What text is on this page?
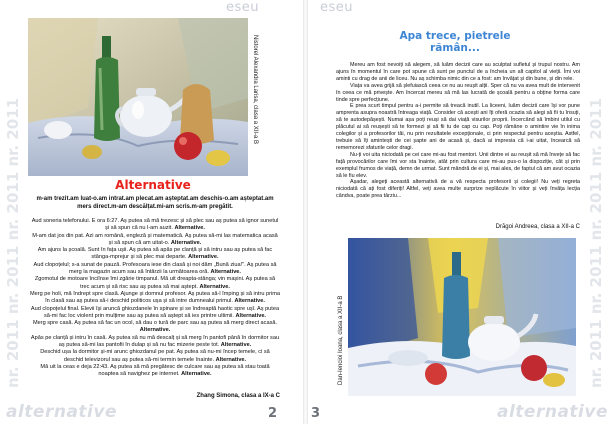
eseu	eseu
nr. 2011 nr. 2011 nr. 2011 nr. 2011	nr. 2011 nr. 2011 nr. 2011 nr. 2011
Nistorel Alexandra Larisa, clasa a XII-a B
Alternative

m-am trezit.am luat-o.am intrat.am plecat.am așteptat.am deschis-o.am așteptat.am mers direct.m-am descălțat.mi-am scris.m-am pregătit.

Aud soneria telefonului. E ora 6:27. Aș putea să mă trezesc și să plec sau aș putea să ignor sunetul și să spun că nu l-am auzit. Alternative.

M-am dat jos din pat. Azi am română, engleză și matematică. Aș putea să-mi las matematica acasă și să spun că am uitat-o. Alternative.

Am ajuns la școală. Sunt în fața ușii. Aș putea să apăs pe clanță și să intru sau aș putea să fac stânga-mprejur și să plec mai departe. Alternative.

Aud clopoțelul; s-a sunat de pauză. Profesoara iese din clasă și noi dăm „Bună ziua!". Aș putea să merg la magazin acum sau să întârzii la următoarea oră. Alternative.

Zgomotul de motoare înciînse îmi zgârie timpanul. Mă uit dreapta-stânga; vin mașini. Aș putea să trec acum și să risc sau aș putea să mai aștept. Alternative.

Merg pe holi, mă îndrept spre clasă. Ajunge și domnul profesor. Aș putea să-l împing și să intru prima în clasă sau aș putea să-i deschid politicos ușa și să intre dumnealui primul. Alternative.

Aud clopoțelul final. Elevii își aruncă ghiozdanele în spinare și se îndreaptă haotic spre ușî. Aș putea să-mi fac loc violent prin mulțime sau aș putea să aștept să ies printre ultimii. Alternative.

Merg spre casă. Aș putea să fac un ocol, să dau o tură de parc sau aș putea să merg direct acasă. Alternative.

Apăs pe clanță și intru în casă. Aș putea să nu mă descalț și să merg în pantofi până în dormitor sau aș putea să-mi las pantofii în dulap și să nu fac mizerie peste tot. Alternative.

Deschid ușa la dormitor și-mi arunc ghiozdanul pe pat. Aș putea să nu-mi încep temele, ci să deschid televizorul sau aș putea să-mi termin temele înainte. Alternative.

Mă uit la ceas e deja 22:43. Aș putea să mă pregătesc de culcare sau aș putea să stau toată noaptea să navighez pe internet. Alternative.

Zhang Simona, clasa a IX-a C
Apa trece, pietrele rămân...

Mereu am fost nevoiți să alegem, să luăm decizii care au sculptat sufletul și trupul nostru. Am ajuns în momentul în care pot spune că sunt pe punctul de a încheia un alt capitol al vieții. Îmi voi aminti cu drag de anii de liceu. Nu aș schimba nimic din ce a fost: am învățat și din bune, și din rele.

Viața va avea grijă să șlefuiască ceea ce nu au reușit alții. Sper că nu va avea mult de intervenit în ceea ce mă privește. Am încercat mereu să mă las lucrată de școală pentru a obține forma care tinde spre perfecțiune.

E prea scurt timpul pentru a-i permite să treacă inutil. La liceeni, luăm decizii care își vor pune amprenta asupra noastră întreaga viață. Consider că acești ani îți oferă ocazia să alegi să fii tu însuți, să te autodepășești. Numai așa poți reuși să dai viață visurilor proprii. Încercând să îmbini utilul cu plăcutul ai să reușești să te formezi și să fii tu de cap cu cap. Poți rămâne o amintire vie în inima colegilor și a profesorilor tăi, nu prin rezultatele excepționale, ci prin respectul pentru aceștia. Astfel, trebuie să îți amintești de cei șapte ani de acasă și, dacă ai impresia că i-ai uitat, încearcă să rememorezi sfaturile celor dragi.

Nu-ți voi uita niciodată pe cei care mi-au fost mentori. Unii dintre ei au reușit să mă învețe să fac față provocărilor care îmi vor sta înainte, atât prin cultura care mi-au pus-o la dispoziție, cât și prin exemplul frumos de viață, demn de urmat. Sunt mândră de ei și, mai ales, de faptul că am avut ocazia să le fiu elev.

Așadar, alegeți această alternativă de a vă respecta profesorii și colegii! Nu veți regreta niciodată că ați fost diferiți! Altfel, veți avea multe surprize neplăcute în viitor și veți învăța lecția cândva, poate prea târziu...

Drăgoi Andreea, clasa a XII-a C
Dan-Iencioi Ioana, clasa a XII-a B
alternative	2	3	alternative
